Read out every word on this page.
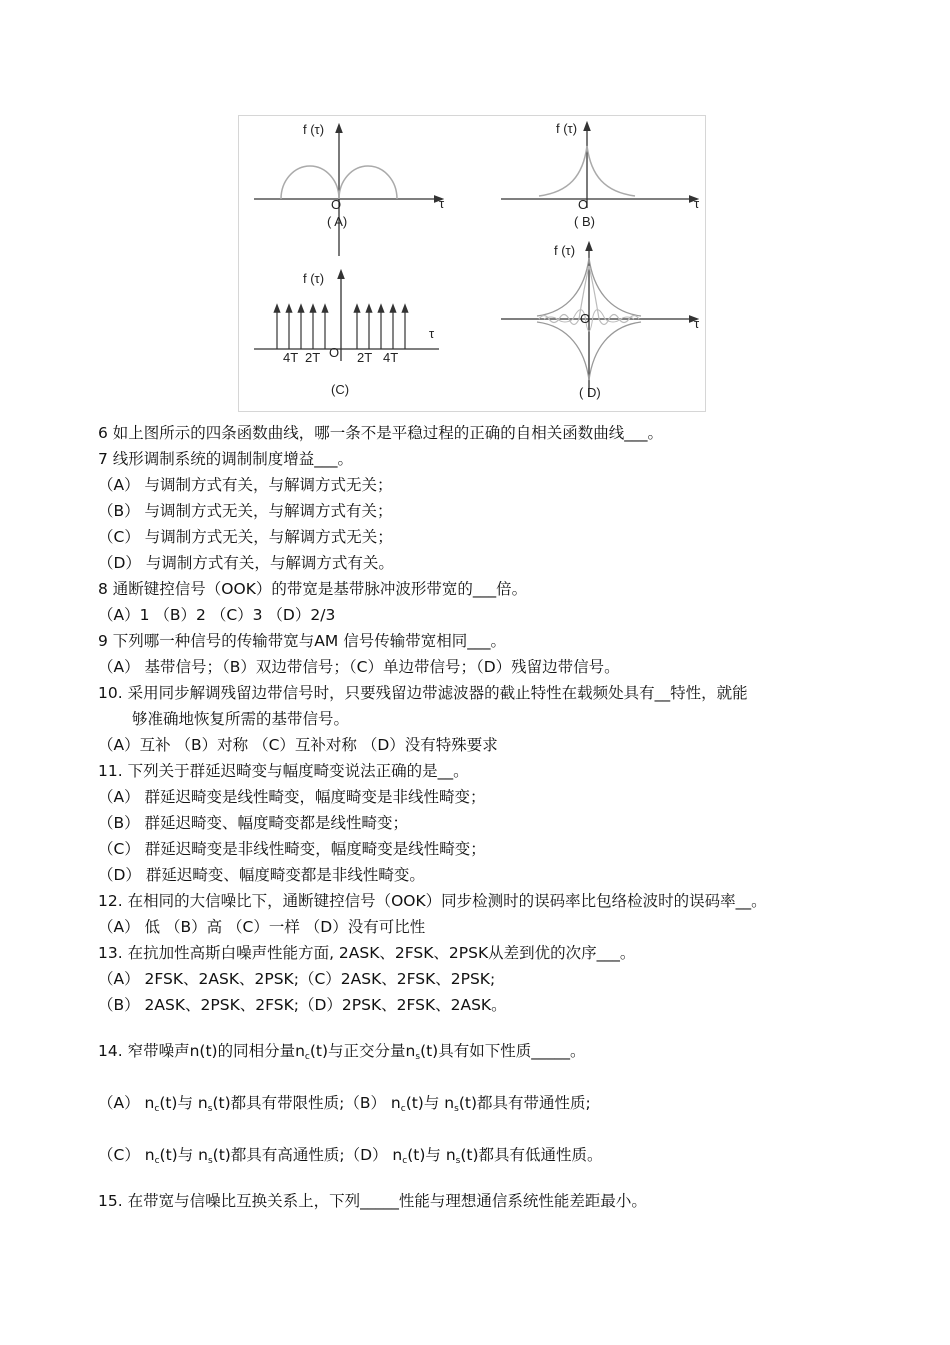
f (τ)
O	τ
( A)
f (τ)
O	τ
( B)
f (τ)
τ
4T 2T O 2T 4T
(C)
f (τ)
O	τ
( D)
6 如上图所示的四条函数曲线，哪一条不是平稳过程的正确的自相关函数曲线___。
7 线形调制系统的调制制度增益___。
（A） 与调制方式有关，与解调方式无关；
（B） 与调制方式无关，与解调方式有关；
（C） 与调制方式无关，与解调方式无关；
（D） 与调制方式有关，与解调方式有关。
8 通断键控信号（OOK）的带宽是基带脉冲波形带宽的___倍。
（A）1 （B）2 （C）3 （D）2/3
9 下列哪一种信号的传输带宽与AM 信号传输带宽相同___。
（A） 基带信号；（B）双边带信号；（C）单边带信号；（D）残留边带信号。
10. 采用同步解调残留边带信号时，只要残留边带滤波器的截止特性在载频处具有__特性，就能
够准确地恢复所需的基带信号。
（A）互补 （B）对称 （C）互补对称 （D）没有特殊要求
11. 下列关于群延迟畸变与幅度畸变说法正确的是__。
（A） 群延迟畸变是线性畸变，幅度畸变是非线性畸变；
（B） 群延迟畸变、幅度畸变都是线性畸变；
（C） 群延迟畸变是非线性畸变，幅度畸变是线性畸变；
（D） 群延迟畸变、幅度畸变都是非线性畸变。
12. 在相同的大信噪比下，通断键控信号（OOK）同步检测时的误码率比包络检波时的误码率__。
（A） 低 （B）高 （C）一样 （D）没有可比性
13. 在抗加性高斯白噪声性能方面, 2ASK、2FSK、2PSK从差到优的次序___。
（A） 2FSK、2ASK、2PSK;（C）2ASK、2FSK、2PSK;
（B） 2ASK、2PSK、2FSK;（D）2PSK、2FSK、2ASK。
14. 窄带噪声n(t)的同相分量$n_c(t)$与正交分量$n_s(t)$具有如下性质_____。
（A） $n_c(t)$与 $n_s(t)$都具有带限性质;（B） $n_c(t)$与 $n_s(t)$都具有带通性质;
（C） $n_c(t)$与 $n_s(t)$都具有高通性质;（D） $n_c(t)$与 $n_s(t)$都具有低通性质。
15. 在带宽与信噪比互换关系上，下列_____性能与理想通信系统性能差距最小。
